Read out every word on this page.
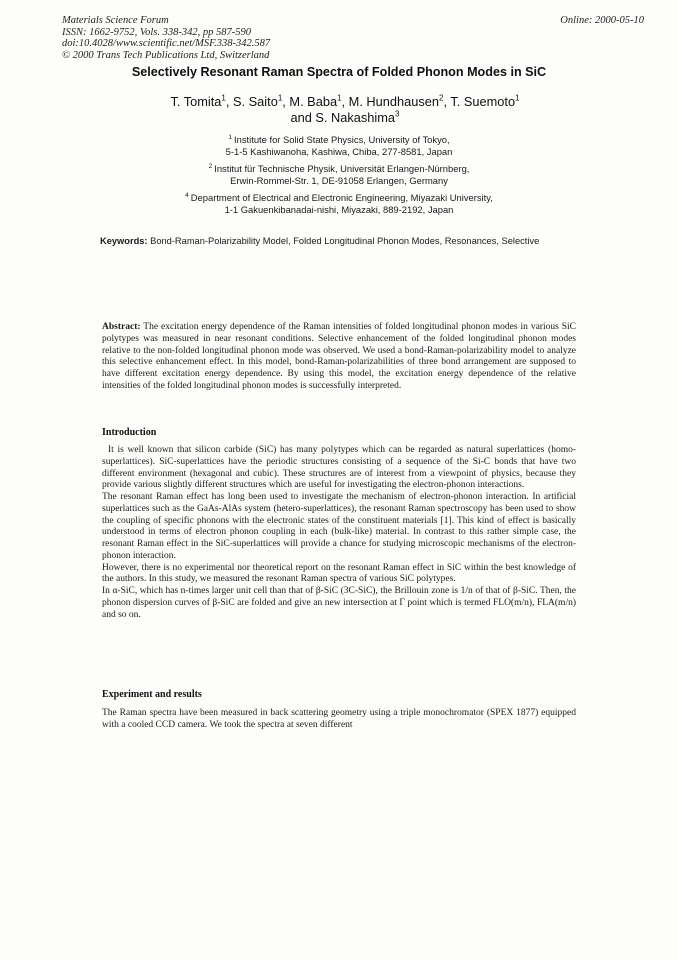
Materials Science Forum
ISSN: 1662-9752, Vols. 338-342, pp 587-590
doi:10.4028/www.scientific.net/MSF.338-342.587
© 2000 Trans Tech Publications Ltd, Switzerland
Online: 2000-05-10
Selectively Resonant Raman Spectra of Folded Phonon Modes in SiC
T. Tomita$^1$, S. Saito$^1$, M. Baba$^1$, M. Hundhausen$^2$, T. Suemoto$^1$
and S. Nakashima$^3$
$^1$ Institute for Solid State Physics, University of Tokyo,
5-1-5 Kashiwanoha, Kashiwa, Chiba, 277-8581, Japan
$^2$ Institut für Technische Physik, Universität Erlangen-Nürnberg,
Erwin-Rommel-Str. 1, DE-91058 Erlangen, Germany
$^4$ Department of Electrical and Electronic Engineering, Miyazaki University,
1-1 Gakuenkibanadai-nishi, Miyazaki, 889-2192, Japan
Keywords: Bond-Raman-Polarizability Model, Folded Longitudinal Phonon Modes, Resonances, Selective
Abstract: The excitation energy dependence of the Raman intensities of folded longitudinal phonon modes in various SiC polytypes was measured in near resonant conditions. Selective enhancement of the folded longitudinal phonon modes relative to the non-folded longitudinal phonon mode was observed. We used a bond-Raman-polarizability model to analyze this selective enhancement effect. In this model, bond-Raman-polarizabilities of three bond arrangement are supposed to have different excitation energy dependence. By using this model, the excitation energy dependence of the relative intensities of the folded longitudinal phonon modes is successfully interpreted.
Introduction

It is well known that silicon carbide (SiC) has many polytypes which can be regarded as natural superlattices (homo-superlattices). SiC-superlattices have the periodic structures consisting of a sequence of the Si-C bonds that have two different environment (hexagonal and cubic). These structures are of interest from a viewpoint of physics, because they provide various slightly different structures which are useful for investigating the electron-phonon interactions.

The resonant Raman effect has long been used to investigate the mechanism of electron-phonon interaction. In artificial superlattices such as the GaAs-AlAs system (hetero-superlattices), the resonant Raman spectroscopy has been used to show the coupling of specific phonons with the electronic states of the constituent materials [1]. This kind of effect is basically understood in terms of electron phonon coupling in each (bulk-like) material. In contrast to this rather simple case, the resonant Raman effect in the SiC-superlattices will provide a chance for studying microscopic mechanisms of the electron-phonon interaction.

However, there is no experimental nor theoretical report on the resonant Raman effect in SiC within the best knowledge of the authors. In this study, we measured the resonant Raman spectra of various SiC polytypes.

In α-SiC, which has n-times larger unit cell than that of β-SiC (3C-SiC), the Brillouin zone is 1/n of that of β-SiC. Then, the phonon dispersion curves of β-SiC are folded and give an new intersection at Γ point which is termed FLO(m/n), FLA(m/n) and so on.

Experiment and results

The Raman spectra have been measured in back scattering geometry using a triple monochromator (SPEX 1877) equipped with a cooled CCD camera. We took the spectra at seven different
